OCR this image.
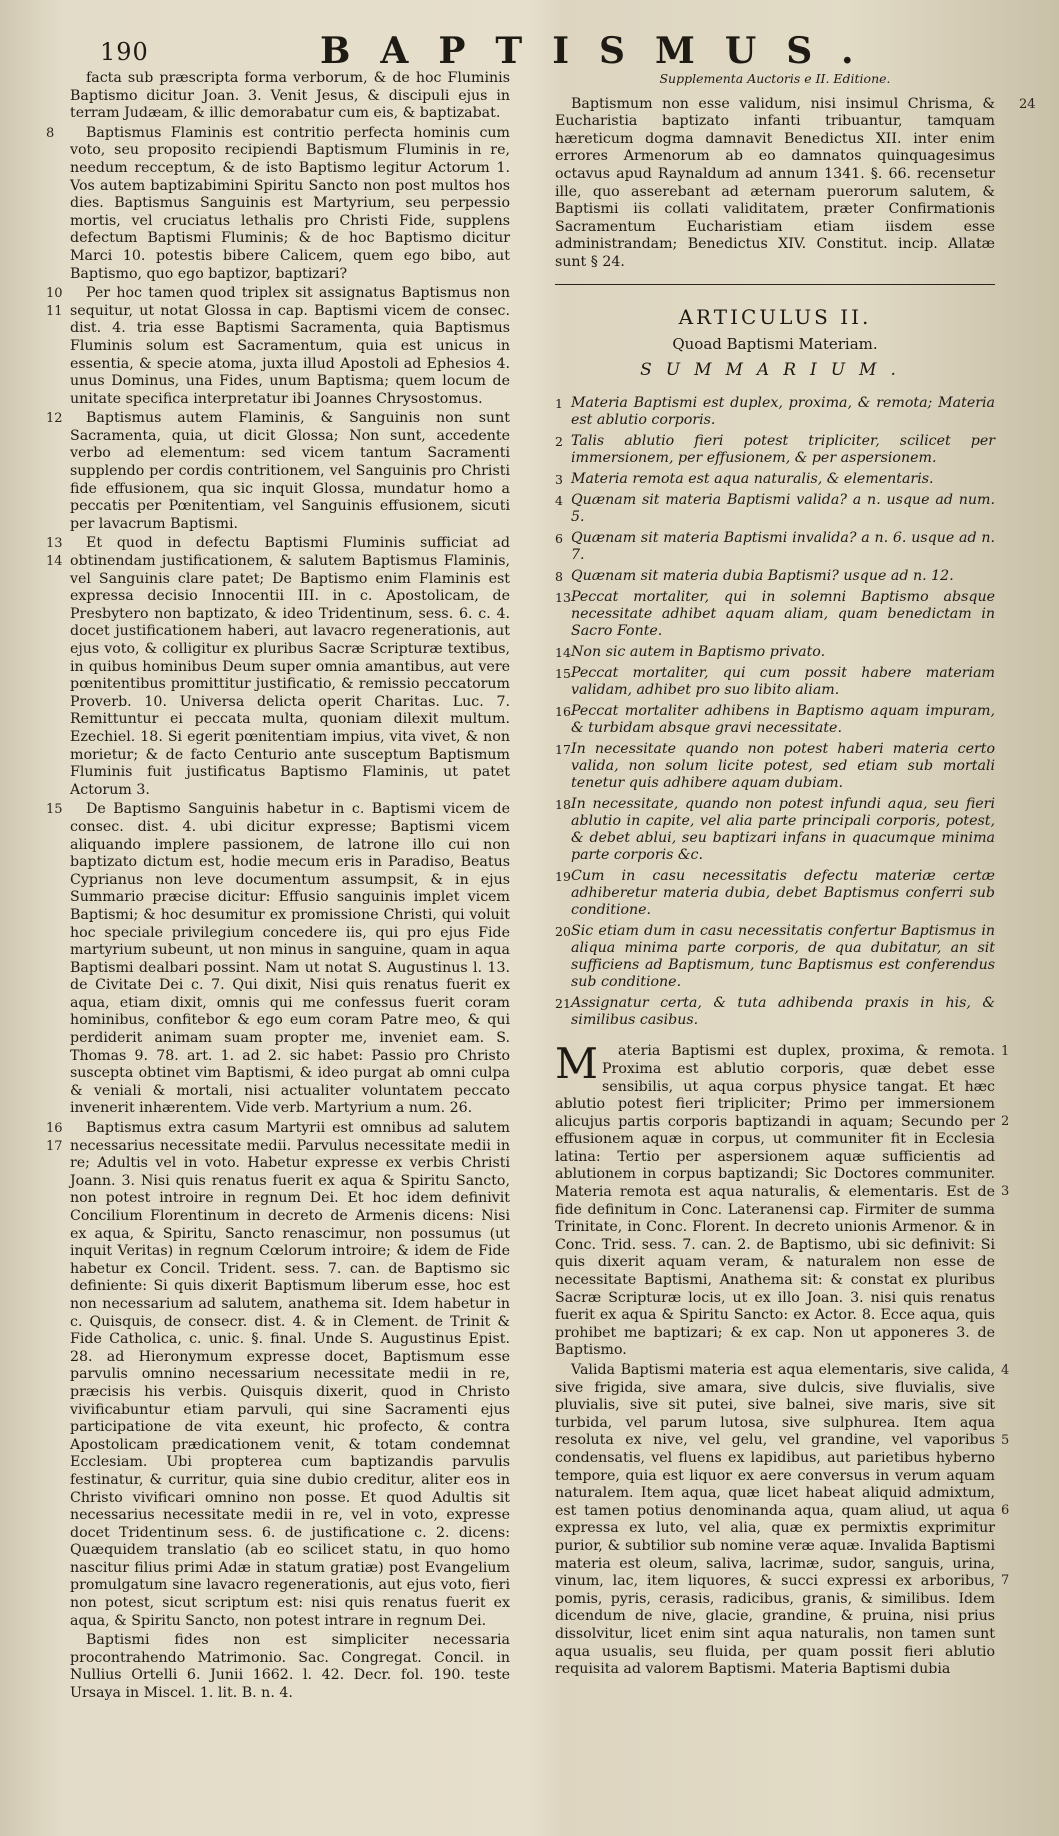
190	BAPTISMUS.

facta sub præscripta forma verborum, & de hoc Fluminis Baptismo dicitur Joan. 3. Venit Jesus, & discipuli ejus in terram Judæam, & illic demorabatur cum eis, & baptizabat.

8 Baptismus Flaminis est contritio perfecta hominis cum voto, seu proposito recipiendi Baptismum Fluminis in re, needum recceptum, & de isto Baptismo legitur Actorum 1. Vos autem baptizabimini Spiritu Sancto non post multos hos dies. Baptismus Sanguinis est Martyrium, seu perpessio mortis, vel cruciatus lethalis pro Christi Fide, supplens defectum Baptismi Fluminis; & de hoc Baptismo dicitur Marci 10. potestis bibere Calicem, quem ego bibo, aut Baptismo, quo ego baptizor, baptizari?

10
11
Per hoc tamen quod triplex sit assignatus Baptismus non sequitur, ut notat Glossa in cap. Baptismi vicem de consec. dist. 4. tria esse Baptismi Sacramenta, quia Baptismus Fluminis solum est Sacramentum, quia est unicus in essentia, & specie atoma, juxta illud Apostoli ad Ephesios 4. unus Dominus, una Fides, unum Baptisma; quem locum de unitate specifica interpretatur ibi Joannes Chrysostomus.

12 Baptismus autem Flaminis, & Sanguinis non sunt Sacramenta, quia, ut dicit Glossa; Non sunt, accedente verbo ad elementum: sed vicem tantum Sacramenti supplendo per cordis contritionem, vel Sanguinis pro Christi fide effusionem, qua sic inquit Glossa, mundatur homo a peccatis per Pœnitentiam, vel Sanguinis effusionem, sicuti per lavacrum Baptismi.

13
14
Et quod in defectu Baptismi Fluminis sufficiat ad obtinendam justificationem, & salutem Baptismus Flaminis, vel Sanguinis clare patet; De Baptismo enim Flaminis est expressa decisio Innocentii III. in c. Apostolicam, de Presbytero non baptizato, & ideo Tridentinum, sess. 6. c. 4. docet justificationem haberi, aut lavacro regenerationis, aut ejus voto, & colligitur ex pluribus Sacræ Scripturæ textibus, in quibus hominibus Deum super omnia amantibus, aut vere pœnitentibus promittitur justificatio, & remissio peccatorum Proverb. 10. Universa delicta operit Charitas. Luc. 7. Remittuntur ei peccata multa, quoniam dilexit multum. Ezechiel. 18. Si egerit pœnitentiam impius, vita vivet, & non morietur; & de facto Centurio ante susceptum Baptismum Fluminis fuit justificatus Baptismo Flaminis, ut patet Actorum 3.

15 De Baptismo Sanguinis habetur in c. Baptismi vicem de consec. dist. 4. ubi dicitur expresse; Baptismi vicem aliquando implere passionem, de latrone illo cui non baptizato dictum est, hodie mecum eris in Paradiso, Beatus Cyprianus non leve documentum assumpsit, & in ejus Summario præcise dicitur: Effusio sanguinis implet vicem Baptismi; & hoc desumitur ex promissione Christi, qui voluit hoc speciale privilegium concedere iis, qui pro ejus Fide martyrium subeunt, ut non minus in sanguine, quam in aqua Baptismi dealbari possint. Nam ut notat S. Augustinus l. 13. de Civitate Dei c. 7. Qui dixit, Nisi quis renatus fuerit ex aqua, etiam dixit, omnis qui me confessus fuerit coram hominibus, confitebor & ego eum coram Patre meo, & qui perdiderit animam suam propter me, inveniet eam. S. Thomas 9. 78. art. 1. ad 2. sic habet: Passio pro Christo suscepta obtinet vim Baptismi, & ideo purgat ab omni culpa & veniali & mortali, nisi actualiter voluntatem peccato invenerit inhærentem. Vide verb. Martyrium a num. 26.

16
17
Baptismus extra casum Martyrii est omnibus ad salutem necessarius necessitate medii. Parvulus necessitate medii in re; Adultis vel in voto. Habetur expresse ex verbis Christi Joann. 3. Nisi quis renatus fuerit ex aqua & Spiritu Sancto, non potest introire in regnum Dei. Et hoc idem definivit Concilium Florentinum in decreto de Armenis dicens: Nisi ex aqua, & Spiritu, Sancto renascimur, non possumus (ut inquit Veritas) in regnum Cœlorum introire; & idem de Fide habetur ex Concil. Trident. sess. 7. can. de Baptismo sic definiente: Si quis dixerit Baptismum liberum esse, hoc est non necessarium ad salutem, anathema sit. Idem habetur in c. Quisquis, de consecr. dist. 4. & in Clement. de Trinit & Fide Catholica, c. unic. §. final. Unde S. Augustinus Epist. 28. ad Hieronymum expresse docet, Baptismum esse parvulis omnino necessarium necessitate medii in re, præcisis his verbis. Quisquis dixerit, quod in Christo vivificabuntur etiam parvuli, qui sine Sacramenti ejus participatione de vita exeunt, hic profecto, & contra Apostolicam prædicationem venit, & totam condemnat Ecclesiam. Ubi propterea cum baptizandis parvulis festinatur, & curritur, quia sine dubio creditur, aliter eos in Christo vivificari omnino non posse. Et quod Adultis sit necessarius necessitate medii in re, vel in voto, expresse docet Tridentinum sess. 6. de justificatione c. 2. dicens: Quæquidem translatio (ab eo scilicet statu, in quo homo nascitur filius primi Adæ in statum gratiæ) post Evangelium promulgatum sine lavacro regenerationis, aut ejus voto, fieri non potest, sicut scriptum est: nisi quis renatus fuerit ex aqua, & Spiritu Sancto, non potest intrare in regnum Dei.

Baptismi fides non est simpliciter necessaria procontrahendo Matrimonio. Sac. Congregat. Concil. in Nullius Ortelli 6. Junii 1662. l. 42. Decr. fol. 190. teste Ursaya in Miscel. 1. lit. B. n. 4.

Supplementa Auctoris e II. Editione.

24
Baptismum non esse validum, nisi insimul Chrisma, & Eucharistia baptizato infanti tribuantur, tamquam hæreticum dogma damnavit Benedictus XII. inter enim errores Armenorum ab eo damnatos quinquagesimus octavus apud Raynaldum ad annum 1341. §. 66. recensetur ille, quo asserebant ad æternam puerorum salutem, & Baptismi iis collati validitatem, præter Confirmationis Sacramentum Eucharistiam etiam iisdem esse administrandam; Benedictus XIV. Constitut. incip. Allatæ sunt § 24.

ARTICULUS II.
Quoad Baptismi Materiam.
SUMMARIUM.
1 Materia Baptismi est duplex, proxima, & remota; Materia est ablutio corporis.
2 Talis ablutio fieri potest tripliciter, scilicet per immersionem, per effusionem, & per aspersionem.
3 Materia remota est aqua naturalis, & elementaris.
4 Quænam sit materia Baptismi valida? a n. usque ad num. 5.
6 Quænam sit materia Baptismi invalida? a n. 6. usque ad n. 7.
8 Quænam sit materia dubia Baptismi? usque ad n. 12.
13 Peccat mortaliter, qui in solemni Baptismo absque necessitate adhibet aquam aliam, quam benedictam in Sacro Fonte.
14 Non sic autem in Baptismo privato.
15 Peccat mortaliter, qui cum possit habere materiam validam, adhibet pro suo libito aliam.
16 Peccat mortaliter adhibens in Baptismo aquam impuram, & turbidam absque gravi necessitate.
17 In necessitate quando non potest haberi materia certo valida, non solum licite potest, sed etiam sub mortali tenetur quis adhibere aquam dubiam.
18 In necessitate, quando non potest infundi aqua, seu fieri ablutio in capite, vel alia parte principali corporis, potest, & debet ablui, seu baptizari infans in quacumque minima parte corporis &c.
19 Cum in casu necessitatis defectu materiæ certæ adhiberetur materia dubia, debet Baptismus conferri sub conditione.
20 Sic etiam dum in casu necessitatis confertur Baptismus in aliqua minima parte corporis, de qua dubitatur, an sit sufficiens ad Baptismum, tunc Baptismus est conferendus sub conditione.
21 Assignatur certa, & tuta adhibenda praxis in his, & similibus casibus.
M	1
2
3
ateria Baptismi est duplex, proxima, & remota. Proxima est ablutio corporis, quæ debet esse sensibilis, ut aqua corpus physice tangat. Et hæc ablutio potest fieri tripliciter; Primo per immersionem alicujus partis corporis baptizandi in aquam; Secundo per effusionem aquæ in corpus, ut communiter fit in Ecclesia latina: Tertio per aspersionem aquæ sufficientis ad ablutionem in corpus baptizandi; Sic Doctores communiter. Materia remota est aqua naturalis, & elementaris. Est de fide definitum in Conc. Lateranensi cap. Firmiter de summa Trinitate, in Conc. Florent. In decreto unionis Armenor. & in Conc. Trid. sess. 7. can. 2. de Baptismo, ubi sic definivit: Si quis dixerit aquam veram, & naturalem non esse de necessitate Baptismi, Anathema sit: & constat ex pluribus Sacræ Scripturæ locis, ut ex illo Joan. 3. nisi quis renatus fuerit ex aqua & Spiritu Sancto: ex Actor. 8. Ecce aqua, quis prohibet me baptizari; & ex cap. Non ut apponeres 3. de Baptismo.

4
5
6
7
Valida Baptismi materia est aqua elementaris, sive calida, sive frigida, sive amara, sive dulcis, sive fluvialis, sive pluvialis, sive sit putei, sive balnei, sive maris, sive sit turbida, vel parum lutosa, sive sulphurea. Item aqua resoluta ex nive, vel gelu, vel grandine, vel vaporibus condensatis, vel fluens ex lapidibus, aut parietibus hyberno tempore, quia est liquor ex aere conversus in verum aquam naturalem. Item aqua, quæ licet habeat aliquid admixtum, est tamen potius denominanda aqua, quam aliud, ut aqua expressa ex luto, vel alia, quæ ex permixtis exprimitur purior, & subtilior sub nomine veræ aquæ. Invalida Baptismi materia est oleum, saliva, lacrimæ, sudor, sanguis, urina, vinum, lac, item liquores, & succi expressi ex arboribus, pomis, pyris, cerasis, radicibus, granis, & similibus. Idem dicendum de nive, glacie, grandine, & pruina, nisi prius dissolvitur, licet enim sint aqua naturalis, non tamen sunt aqua usualis, seu fluida, per quam possit fieri ablutio requisita ad valorem Baptismi. Materia Baptismi dubia
